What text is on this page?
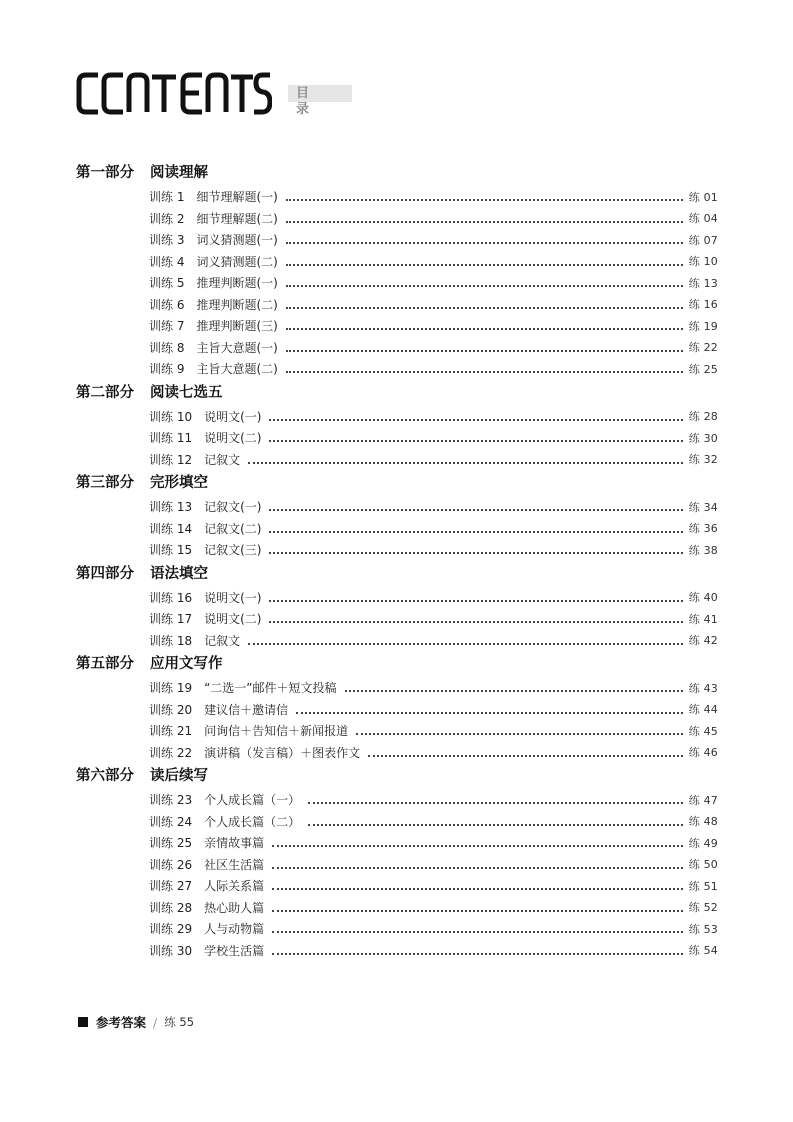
目录
第一部分 阅读理解
训练 1 细节理解题(一)	练 01
训练 2 细节理解题(二)	练 04
训练 3 词义猜测题(一)	练 07
训练 4 词义猜测题(二)	练 10
训练 5 推理判断题(一)	练 13
训练 6 推理判断题(二)	练 16
训练 7 推理判断题(三)	练 19
训练 8 主旨大意题(一)	练 22
训练 9 主旨大意题(二)	练 25
第二部分 阅读七选五
训练 10 说明文(一)	练 28
训练 11 说明文(二)	练 30
训练 12 记叙文	练 32
第三部分 完形填空
训练 13 记叙文(一)	练 34
训练 14 记叙文(二)	练 36
训练 15 记叙文(三)	练 38
第四部分 语法填空
训练 16 说明文(一)	练 40
训练 17 说明文(二)	练 41
训练 18 记叙文	练 42
第五部分 应用文写作
训练 19 “二选一”邮件＋短文投稿	练 43
训练 20 建议信＋邀请信	练 44
训练 21 问询信＋告知信＋新闻报道	练 45
训练 22 演讲稿（发言稿）＋图表作文	练 46
第六部分 读后续写
训练 23 个人成长篇（一）	练 47
训练 24 个人成长篇（二）	练 48
训练 25 亲情故事篇	练 49
训练 26 社区生活篇	练 50
训练 27 人际关系篇	练 51
训练 28 热心助人篇	练 52
训练 29 人与动物篇	练 53
训练 30 学校生活篇	练 54
参考答案 / 练 55
